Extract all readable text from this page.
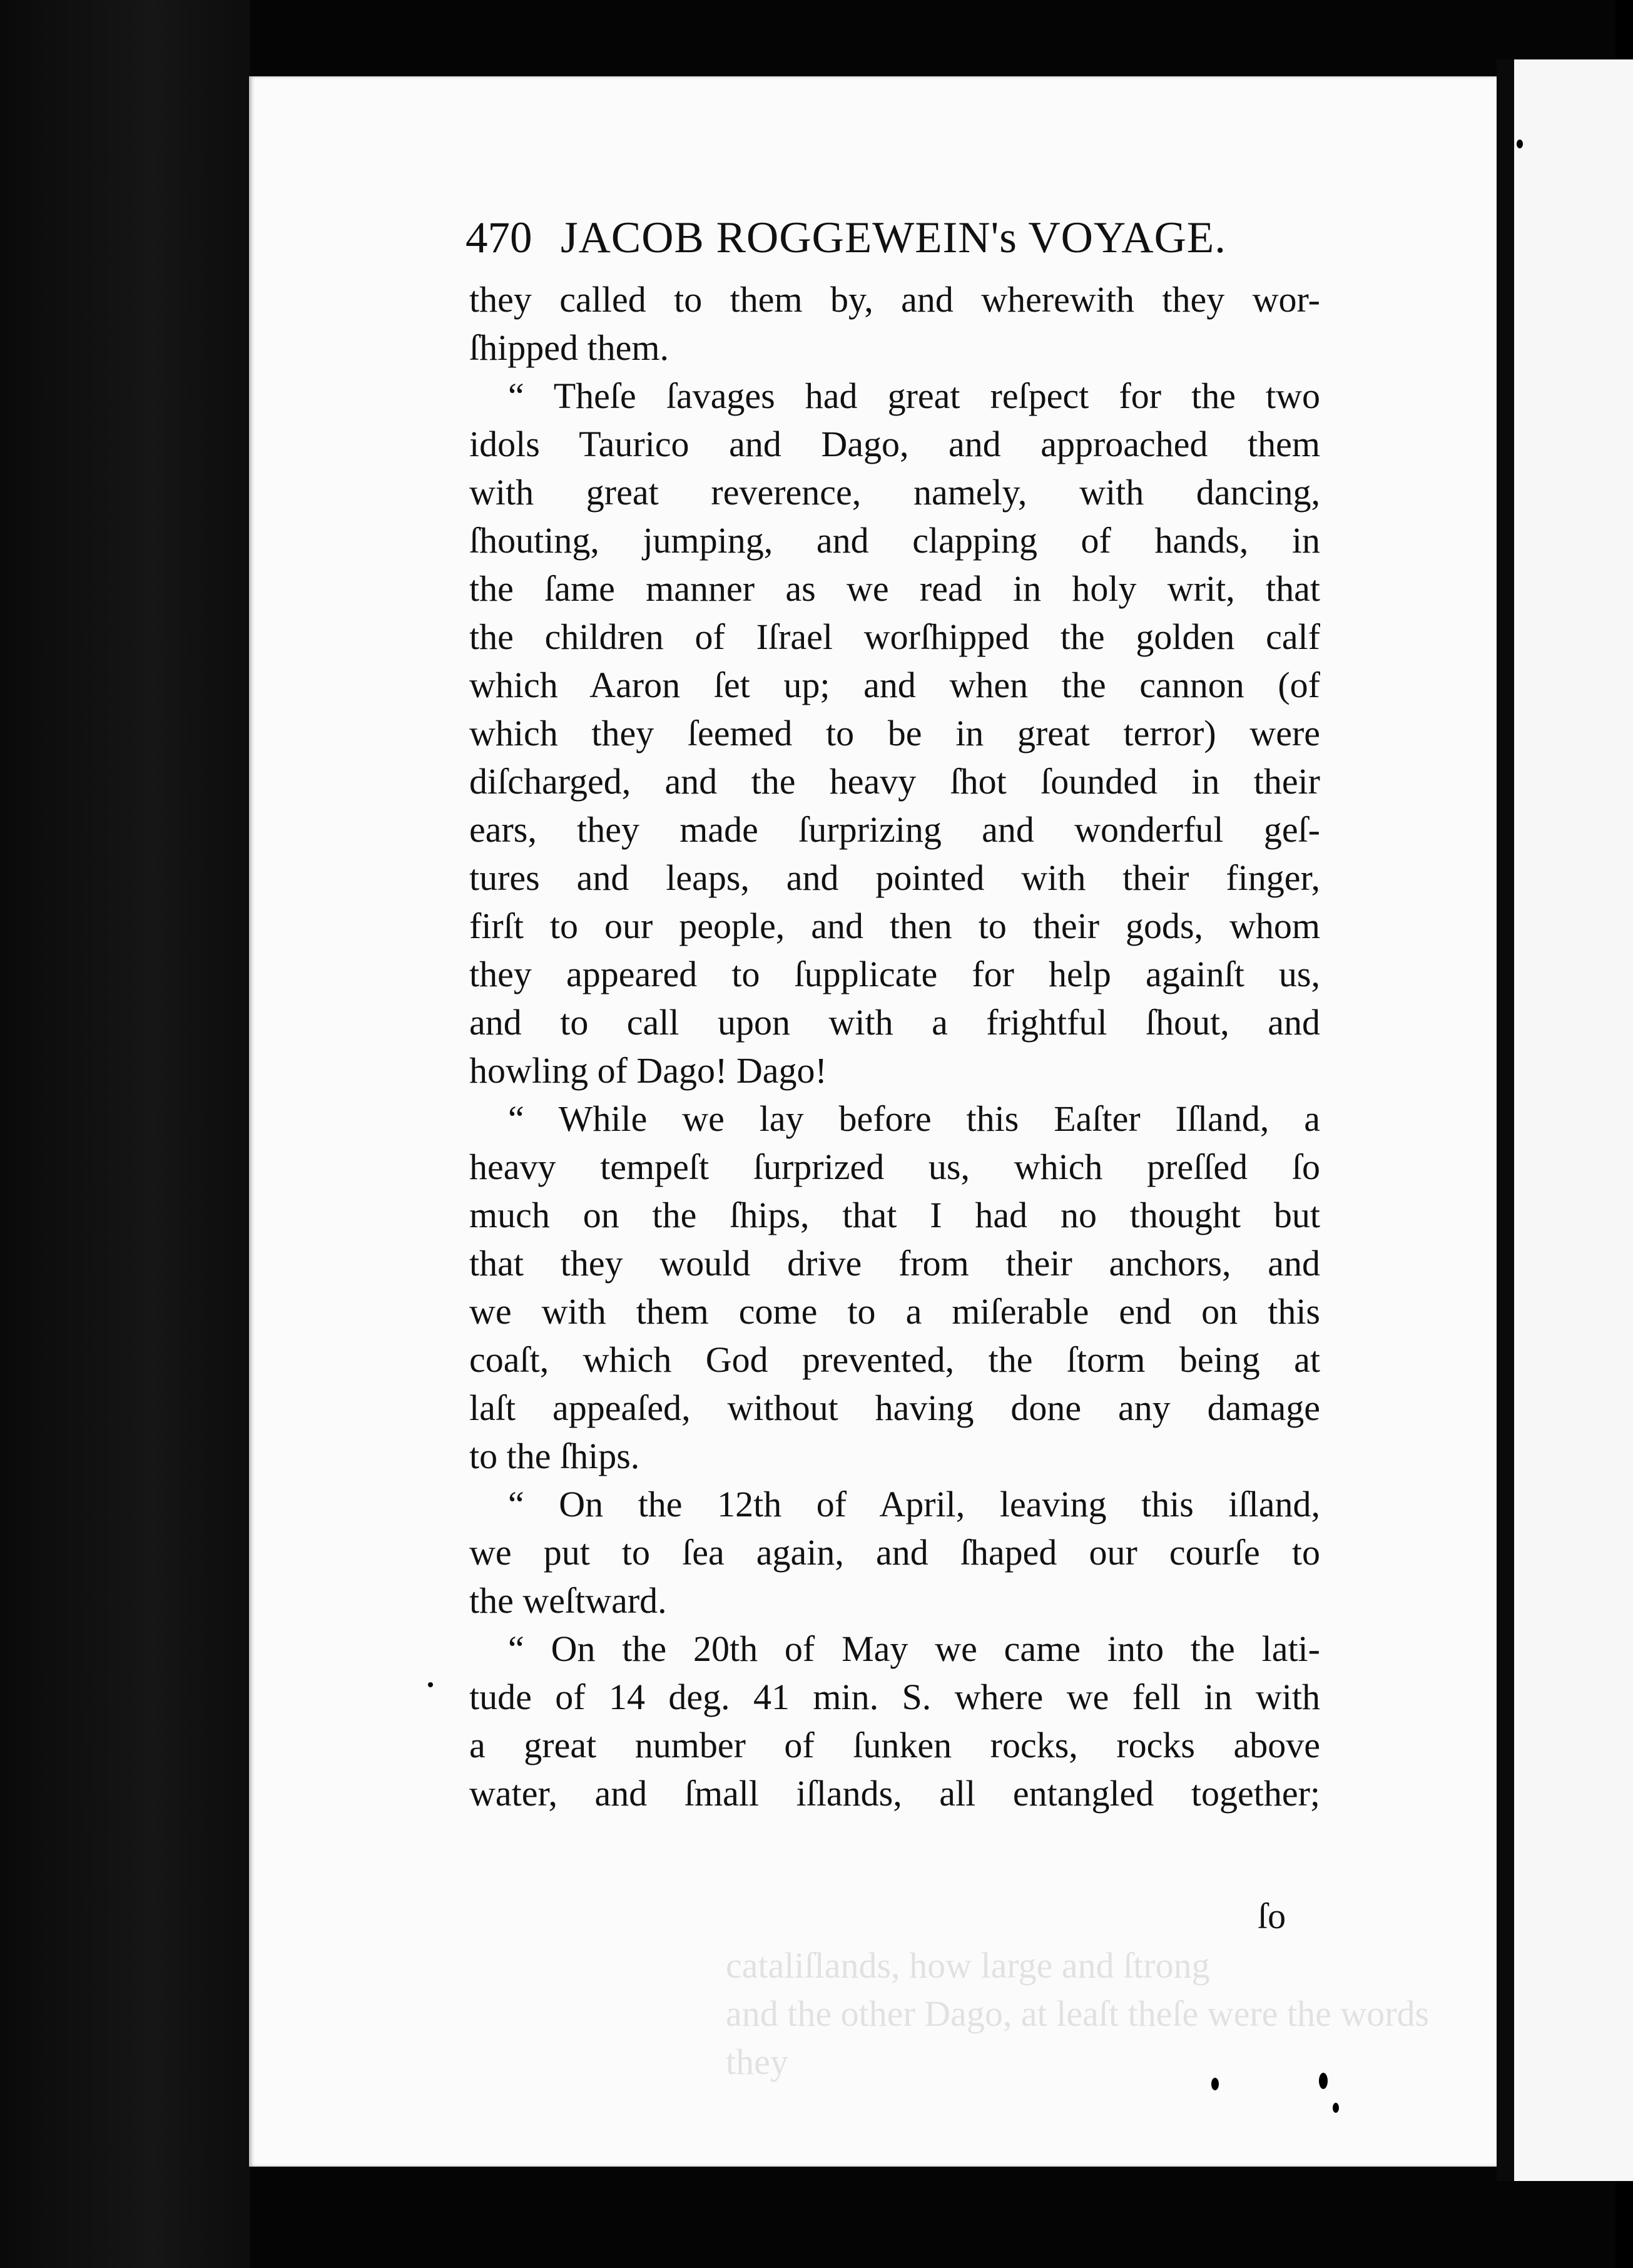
470 JACOB ROGGEWEIN's VOYAGE.
cataliſlands, how large and ſtrong
and the other Dago, at leaſt theſe were the words
they
they called to them by, and wherewith they wor-
ſhipped them.
“ Theſe ſavages had great reſpect for the two
idols Taurico and Dago, and approached them
with great reverence, namely, with dancing,
ſhouting, jumping, and clapping of hands, in
the ſame manner as we read in holy writ, that
the children of Iſrael worſhipped the golden calf
which Aaron ſet up; and when the cannon (of
which they ſeemed to be in great terror) were
diſcharged, and the heavy ſhot ſounded in their
ears, they made ſurprizing and wonderful geſ-
tures and leaps, and pointed with their finger,
firſt to our people, and then to their gods, whom
they appeared to ſupplicate for help againſt us,
and to call upon with a frightful ſhout, and
howling of Dago! Dago!
“ While we lay before this Eaſter Iſland, a
heavy tempeſt ſurprized us, which preſſed ſo
much on the ſhips, that I had no thought but
that they would drive from their anchors, and
we with them come to a miſerable end on this
coaſt, which God prevented, the ſtorm being at
laſt appeaſed, without having done any damage
to the ſhips.
“ On the 12th of April, leaving this iſland,
we put to ſea again, and ſhaped our courſe to
the weſtward.
“ On the 20th of May we came into the lati-
tude of 14 deg. 41 min. S. where we fell in with
a great number of ſunken rocks, rocks above
water, and ſmall iſlands, all entangled together;
ſo
